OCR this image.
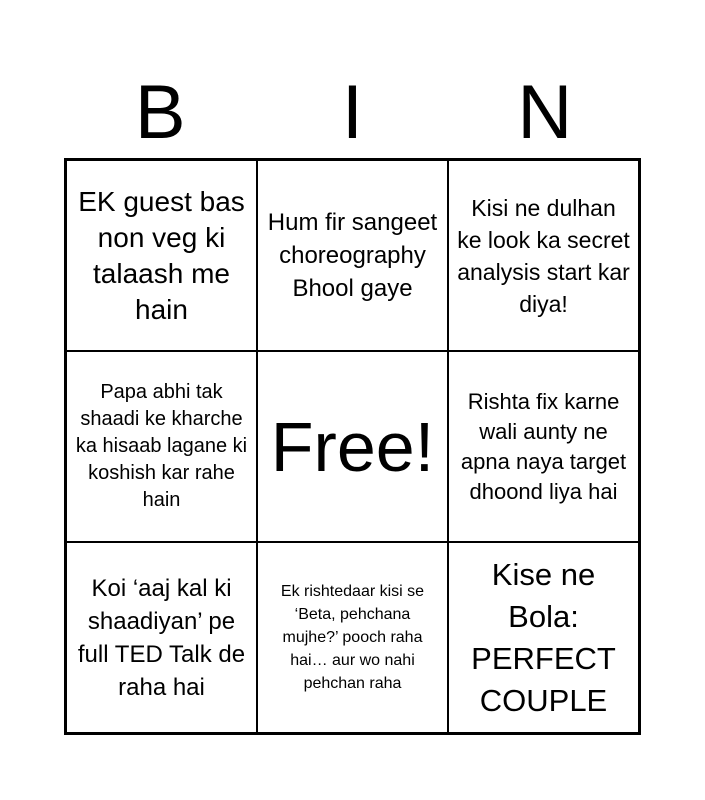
B	I	N
EK guest bas non veg ki talaash me hain
Hum fir sangeet choreography Bhool gaye
Kisi ne dulhan ke look ka secret analysis start kar diya!
Papa abhi tak shaadi ke kharche ka hisaab lagane ki koshish kar rahe hain
Free!
Rishta fix karne wali aunty ne apna naya target dhoond liya hai
Koi ‘aaj kal ki shaadiyan’ pe full TED Talk de raha hai
Ek rishtedaar kisi se ‘Beta, pehchana mujhe?’ pooch raha hai… aur wo nahi pehchan raha
Kise ne Bola: PERFECT COUPLE
